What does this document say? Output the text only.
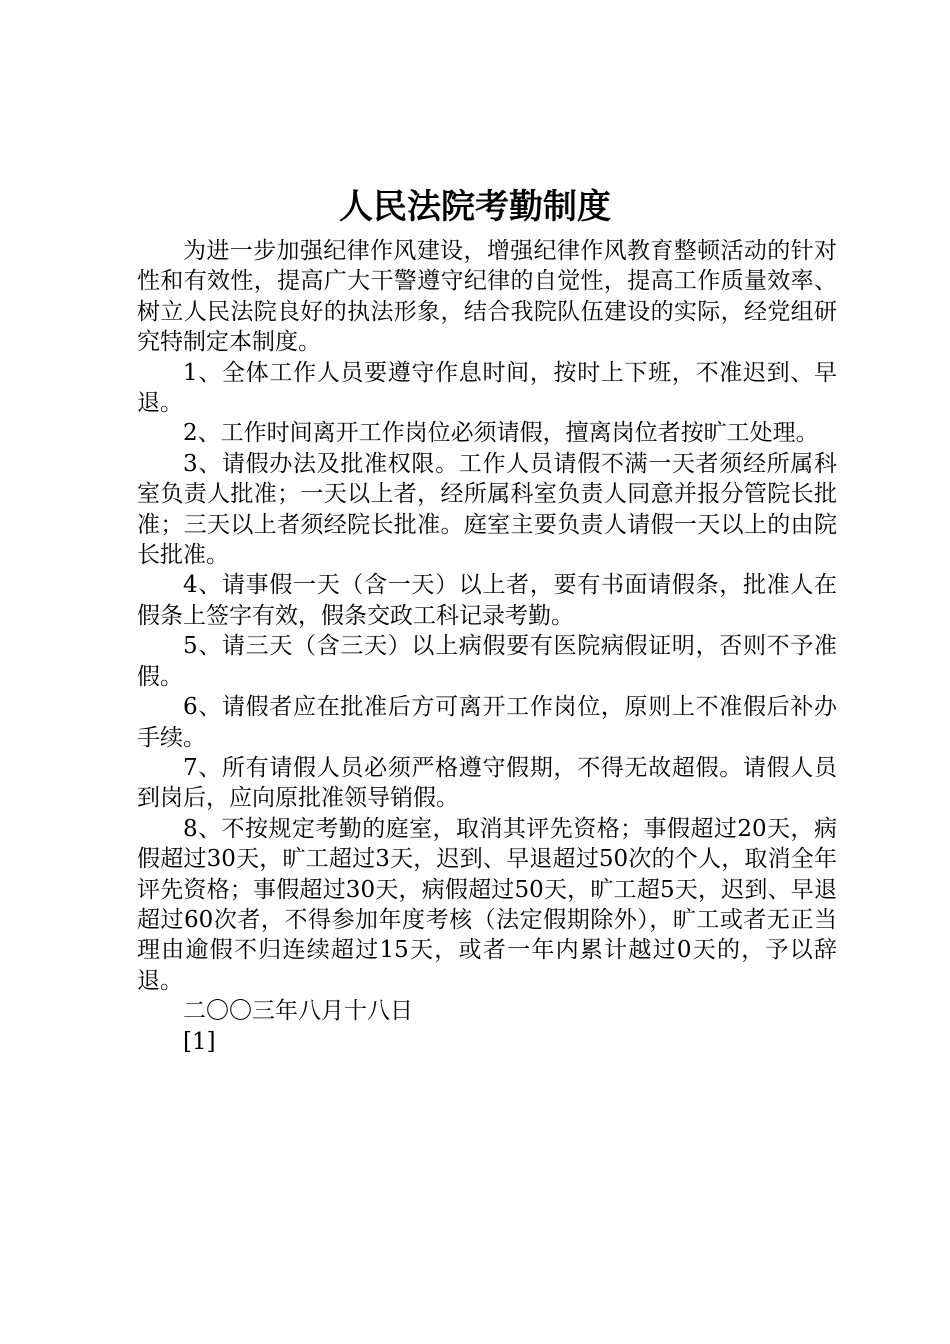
人民法院考勤制度

为进一步加强纪律作风建设，增强纪律作风教育整顿活动的针对性和有效性，提高广大干警遵守纪律的自觉性，提高工作质量效率、树立人民法院良好的执法形象，结合我院队伍建设的实际，经党组研究特制定本制度。

1、全体工作人员要遵守作息时间，按时上下班，不准迟到、早退。

2、工作时间离开工作岗位必须请假，擅离岗位者按旷工处理。

3、请假办法及批准权限。工作人员请假不满一天者须经所属科室负责人批准；一天以上者，经所属科室负责人同意并报分管院长批准；三天以上者须经院长批准。庭室主要负责人请假一天以上的由院长批准。

4、请事假一天（含一天）以上者，要有书面请假条，批准人在假条上签字有效，假条交政工科记录考勤。

5、请三天（含三天）以上病假要有医院病假证明，否则不予准假。

6、请假者应在批准后方可离开工作岗位，原则上不准假后补办手续。

7、所有请假人员必须严格遵守假期，不得无故超假。请假人员到岗后，应向原批准领导销假。

8、不按规定考勤的庭室，取消其评先资格；事假超过20天，病假超过30天，旷工超过3天，迟到、早退超过50次的个人，取消全年评先资格；事假超过30天，病假超过50天，旷工超5天，迟到、早退超过60次者，不得参加年度考核（法定假期除外），旷工或者无正当理由逾假不归连续超过15天，或者一年内累计越过0天的，予以辞退。

二〇〇三年八月十八日

[1]
